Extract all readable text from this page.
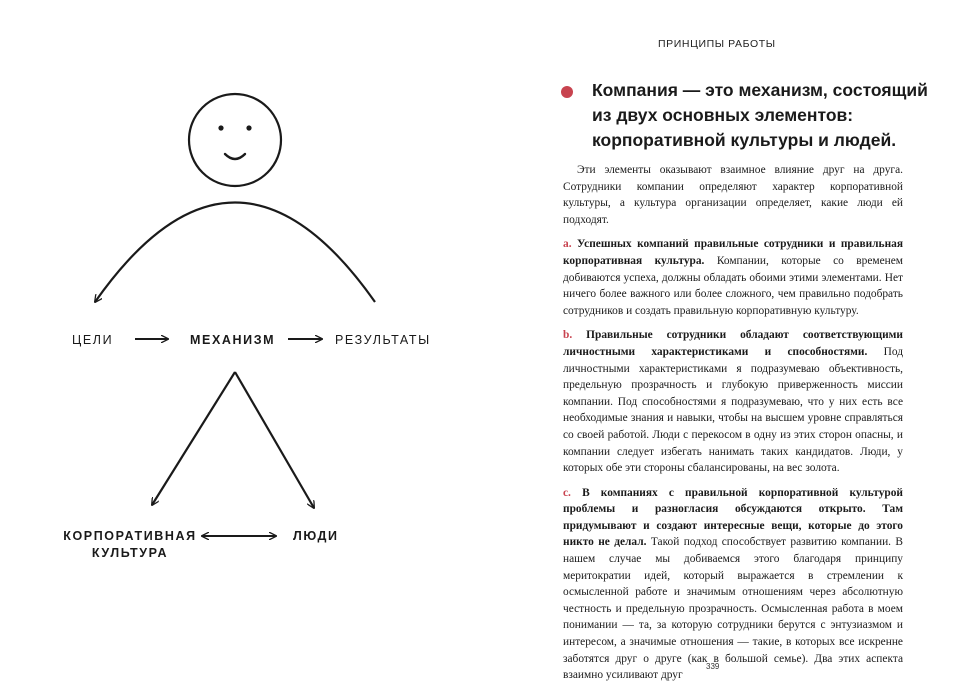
ЦЕЛИ	МЕХАНИЗМ	РЕЗУЛЬТАТЫ
КОРПОРАТИВНАЯ
КУЛЬТУРА
ЛЮДИ
ПРИНЦИПЫ РАБОТЫ
Компания — это механизм, состоящий
из двух основных элементов:
корпоративной культуры и людей.

Эти элементы оказывают взаимное влияние друг на друга. Сотрудники компании определяют характер корпоративной культуры, а культура организации определяет, какие люди ей подходят.

a. Успешных компаний правильные сотрудники и правильная корпоративная культура. Компании, которые со временем добиваются успеха, должны обладать обоими этими элементами. Нет ничего более важного или более сложного, чем правильно подобрать сотрудников и создать правильную корпоративную культуру.

b. Правильные сотрудники обладают соответствующими личностными характеристиками и способностями. Под личностными характеристиками я подразумеваю объективность, предельную прозрачность и глубокую приверженность миссии компании. Под способностями я подразумеваю, что у них есть все необходимые знания и навыки, чтобы на высшем уровне справляться со своей работой. Люди с перекосом в одну из этих сторон опасны, и компании следует избегать нанимать таких кандидатов. Люди, у которых обе эти стороны сбалансированы, на вес золота.

c. В компаниях с правильной корпоративной культурой проблемы и разногласия обсуждаются открыто. Там придумывают и создают интересные вещи, которые до этого никто не делал. Такой подход способствует развитию компании. В нашем случае мы добиваемся этого благодаря принципу меритократии идей, который выражается в стремлении к осмысленной работе и значимым отношениям через абсолютную честность и предельную прозрачность. Осмысленная работа в моем понимании — та, за которую сотрудники берутся с энтузиазмом и интересом, а значимые отношения — такие, в которых все искренне заботятся друг о друге (как в большой семье). Два этих аспекта взаимно усиливают друг

339
